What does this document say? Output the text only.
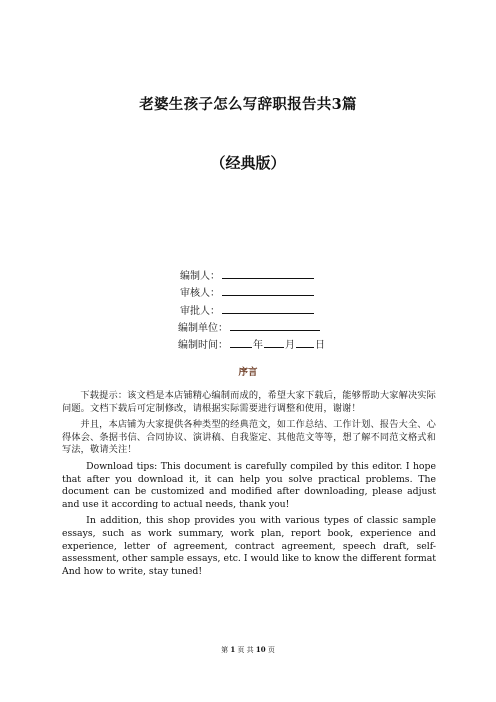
老婆生孩子怎么写辞职报告共3篇
（经典版）
编制人：
审核人：
审批人：
编制单位：
编制时间：	年 月 日
序言

下载提示：该文档是本店铺精心编制而成的，希望大家下载后，能够帮助大家解决实际问题。文档下载后可定制修改，请根据实际需要进行调整和使用，谢谢！

并且，本店铺为大家提供各种类型的经典范文，如工作总结、工作计划、报告大全、心得体会、条据书信、合同协议、演讲稿、自我鉴定、其他范文等等，想了解不同范文格式和写法，敬请关注！

Download tips: This document is carefully compiled by this editor. I hope that after you download it, it can help you solve practical problems. The document can be customized and modified after downloading, please adjust and use it according to actual needs, thank you!

In addition, this shop provides you with various types of classic sample essays, such as work summary, work plan, report book, experience and experience, letter of agreement, contract agreement, speech draft, self-assessment, other sample essays, etc. I would like to know the different format And how to write, stay tuned!

第 1 页 共 10 页
